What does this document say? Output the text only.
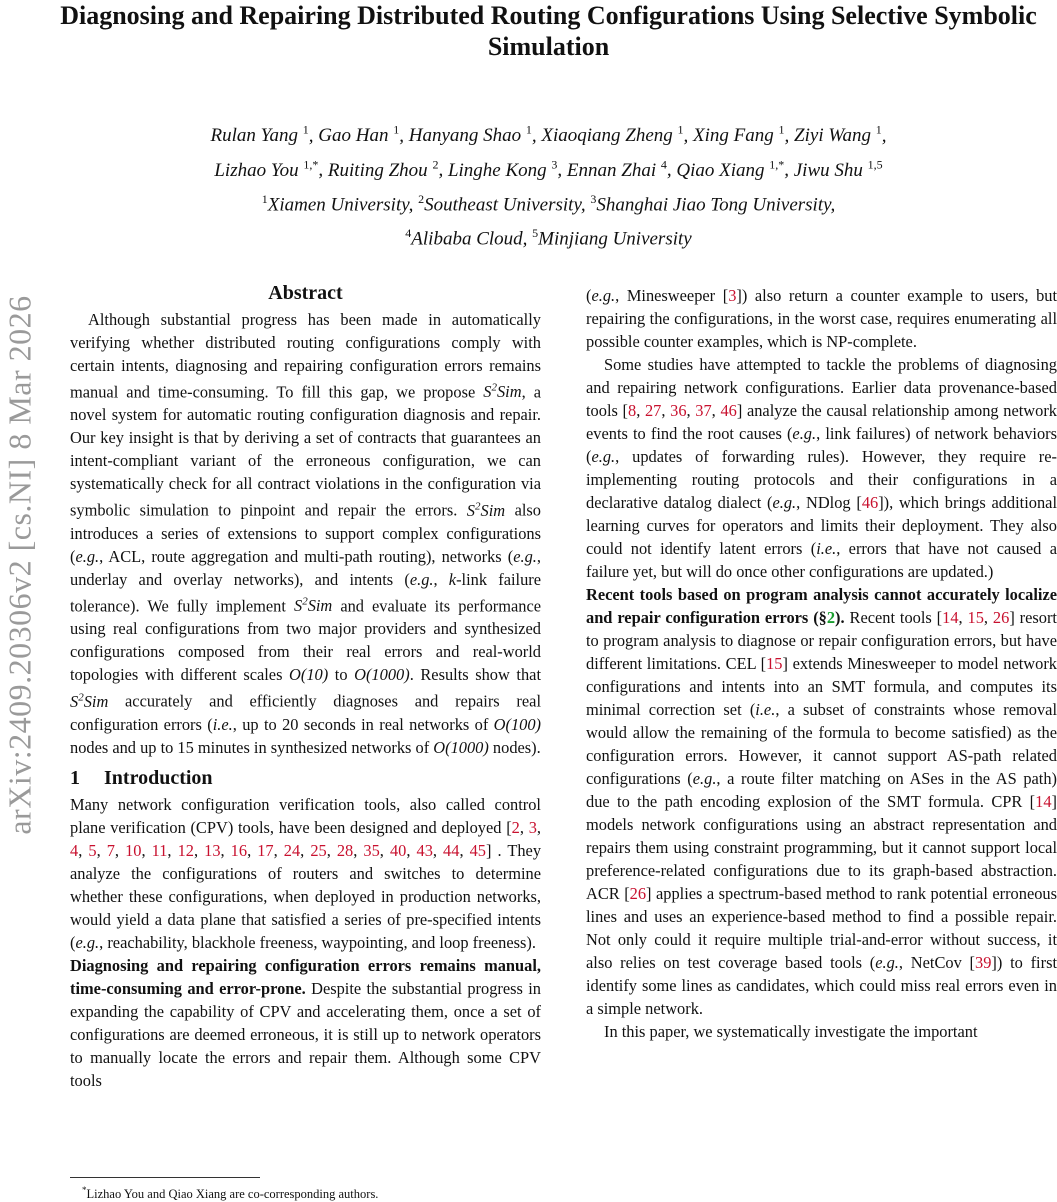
arXiv:2409.20306v2 [cs.NI] 8 Mar 2026
Diagnosing and Repairing Distributed Routing Configurations Using Selective Symbolic Simulation
Rulan Yang $^1$, Gao Han $^1$, Hanyang Shao $^1$, Xiaoqiang Zheng $^1$, Xing Fang $^1$, Ziyi Wang $^1$,
Lizhao You $^{1,*}$, Ruiting Zhou $^2$, Linghe Kong $^3$, Ennan Zhai $^4$, Qiao Xiang $^{1,*}$, Jiwu Shu $^{1,5}$
$^1$Xiamen University, $^2$Southeast University, $^3$Shanghai Jiao Tong University,
$^4$Alibaba Cloud, $^5$Minjiang University
Abstract

Although substantial progress has been made in automatically verifying whether distributed routing configurations comply with certain intents, diagnosing and repairing configuration errors remains manual and time-consuming. To fill this gap, we propose $S^2Sim$, a novel system for automatic routing configuration diagnosis and repair. Our key insight is that by deriving a set of contracts that guarantees an intent-compliant variant of the erroneous configuration, we can systematically check for all contract violations in the configuration via symbolic simulation to pinpoint and repair the errors. $S^2Sim$ also introduces a series of extensions to support complex configurations (e.g., ACL, route aggregation and multi-path routing), networks (e.g., underlay and overlay networks), and intents (e.g., k-link failure tolerance). We fully implement $S^2Sim$ and evaluate its performance using real configurations from two major providers and synthesized configurations composed from their real errors and real-world topologies with different scales O(10) to O(1000). Results show that $S^2Sim$ accurately and efficiently diagnoses and repairs real configuration errors (i.e., up to 20 seconds in real networks of O(100) nodes and up to 15 minutes in synthesized networks of O(1000) nodes).

1 Introduction

Many network configuration verification tools, also called control plane verification (CPV) tools, have been designed and deployed [2, 3, 4, 5, 7, 10, 11, 12, 13, 16, 17, 24, 25, 28, 35, 40, 43, 44, 45] . They analyze the configurations of routers and switches to determine whether these configurations, when deployed in production networks, would yield a data plane that satisfied a series of pre-specified intents (e.g., reachability, blackhole freeness, waypointing, and loop freeness).

Diagnosing and repairing configuration errors remains manual, time-consuming and error-prone. Despite the substantial progress in expanding the capability of CPV and accelerating them, once a set of configurations are deemed erroneous, it is still up to network operators to manually locate the errors and repair them. Although some CPV tools

(e.g., Minesweeper [3]) also return a counter example to users, but repairing the configurations, in the worst case, requires enumerating all possible counter examples, which is NP-complete.

Some studies have attempted to tackle the problems of diagnosing and repairing network configurations. Earlier data provenance-based tools [8, 27, 36, 37, 46] analyze the causal relationship among network events to find the root causes (e.g., link failures) of network behaviors (e.g., updates of forwarding rules). However, they require re-implementing routing protocols and their configurations in a declarative datalog dialect (e.g., NDlog [46]), which brings additional learning curves for operators and limits their deployment. They also could not identify latent errors (i.e., errors that have not caused a failure yet, but will do once other configurations are updated.)

Recent tools based on program analysis cannot accurately localize and repair configuration errors (§2). Recent tools [14, 15, 26] resort to program analysis to diagnose or repair configuration errors, but have different limitations. CEL [15] extends Minesweeper to model network configurations and intents into an SMT formula, and computes its minimal correction set (i.e., a subset of constraints whose removal would allow the remaining of the formula to become satisfied) as the configuration errors. However, it cannot support AS-path related configurations (e.g., a route filter matching on ASes in the AS path) due to the path encoding explosion of the SMT formula. CPR [14] models network configurations using an abstract representation and repairs them using constraint programming, but it cannot support local preference-related configurations due to its graph-based abstraction. ACR [26] applies a spectrum-based method to rank potential erroneous lines and uses an experience-based method to find a possible repair. Not only could it require multiple trial-and-error without success, it also relies on test coverage based tools (e.g., NetCov [39]) to first identify some lines as candidates, which could miss real errors even in a simple network.

In this paper, we systematically investigate the important

*Lizhao You and Qiao Xiang are co-corresponding authors.
